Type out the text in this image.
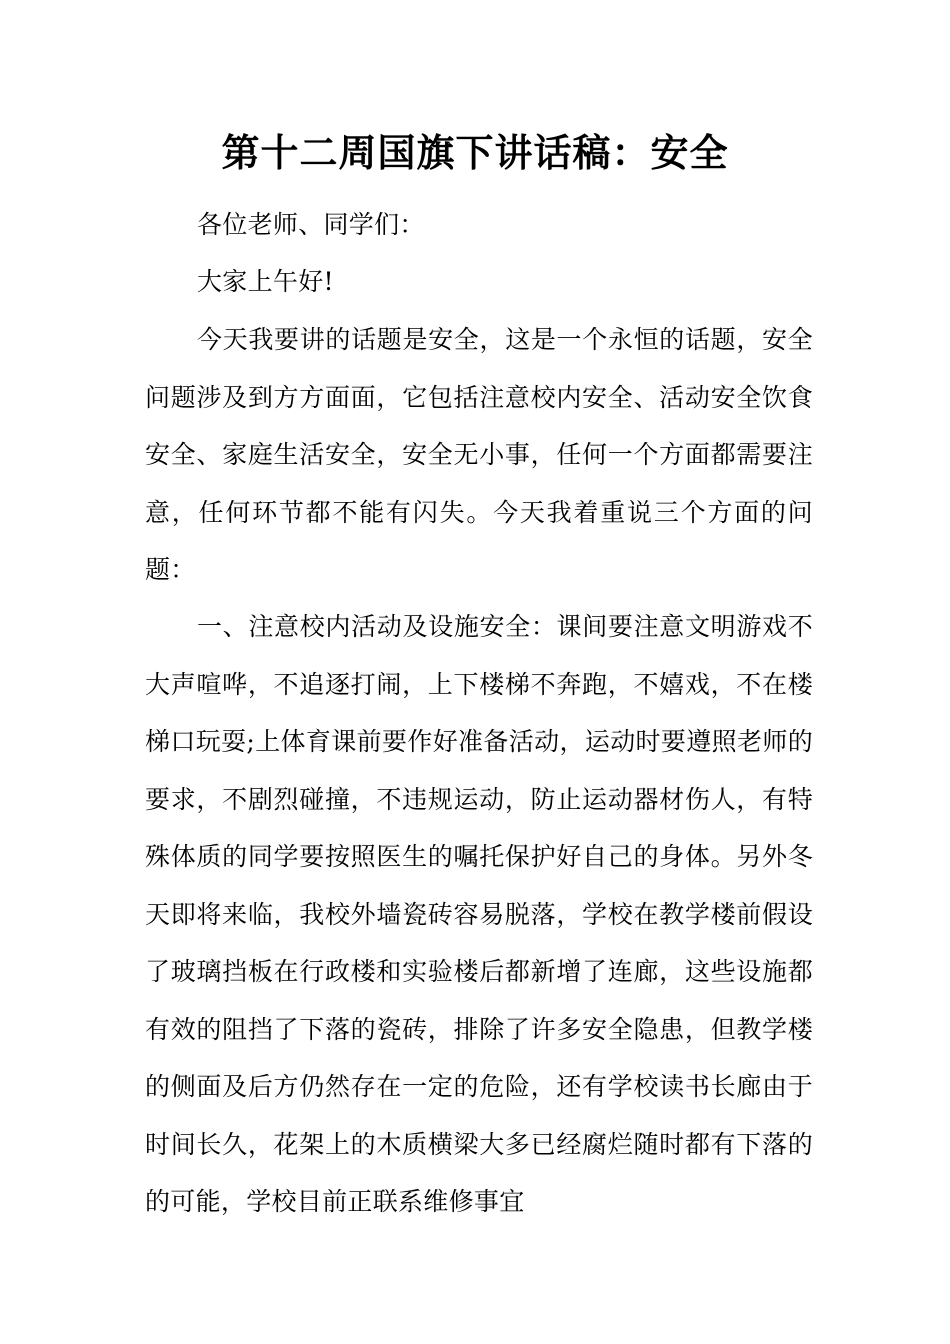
第十二周国旗下讲话稿：安全

各位老师、同学们：

大家上午好!

今天我要讲的话题是安全，这是一个永恒的话题，安全问题涉及到方方面面，它包括注意校内安全、活动安全饮食安全、家庭生活安全，安全无小事，任何一个方面都需要注意，任何环节都不能有闪失。今天我着重说三个方面的问题：

一、注意校内活动及设施安全：课间要注意文明游戏不大声喧哗，不追逐打闹，上下楼梯不奔跑，不嬉戏，不在楼梯口玩耍;上体育课前要作好准备活动，运动时要遵照老师的要求，不剧烈碰撞，不违规运动，防止运动器材伤人，有特殊体质的同学要按照医生的嘱托保护好自己的身体。另外冬天即将来临，我校外墙瓷砖容易脱落，学校在教学楼前假设了玻璃挡板在行政楼和实验楼后都新增了连廊，这些设施都有效的阻挡了下落的瓷砖，排除了许多安全隐患，但教学楼的侧面及后方仍然存在一定的危险，还有学校读书长廊由于时间长久，花架上的木质横梁大多已经腐烂随时都有下落的的可能，学校目前正联系维修事宜
